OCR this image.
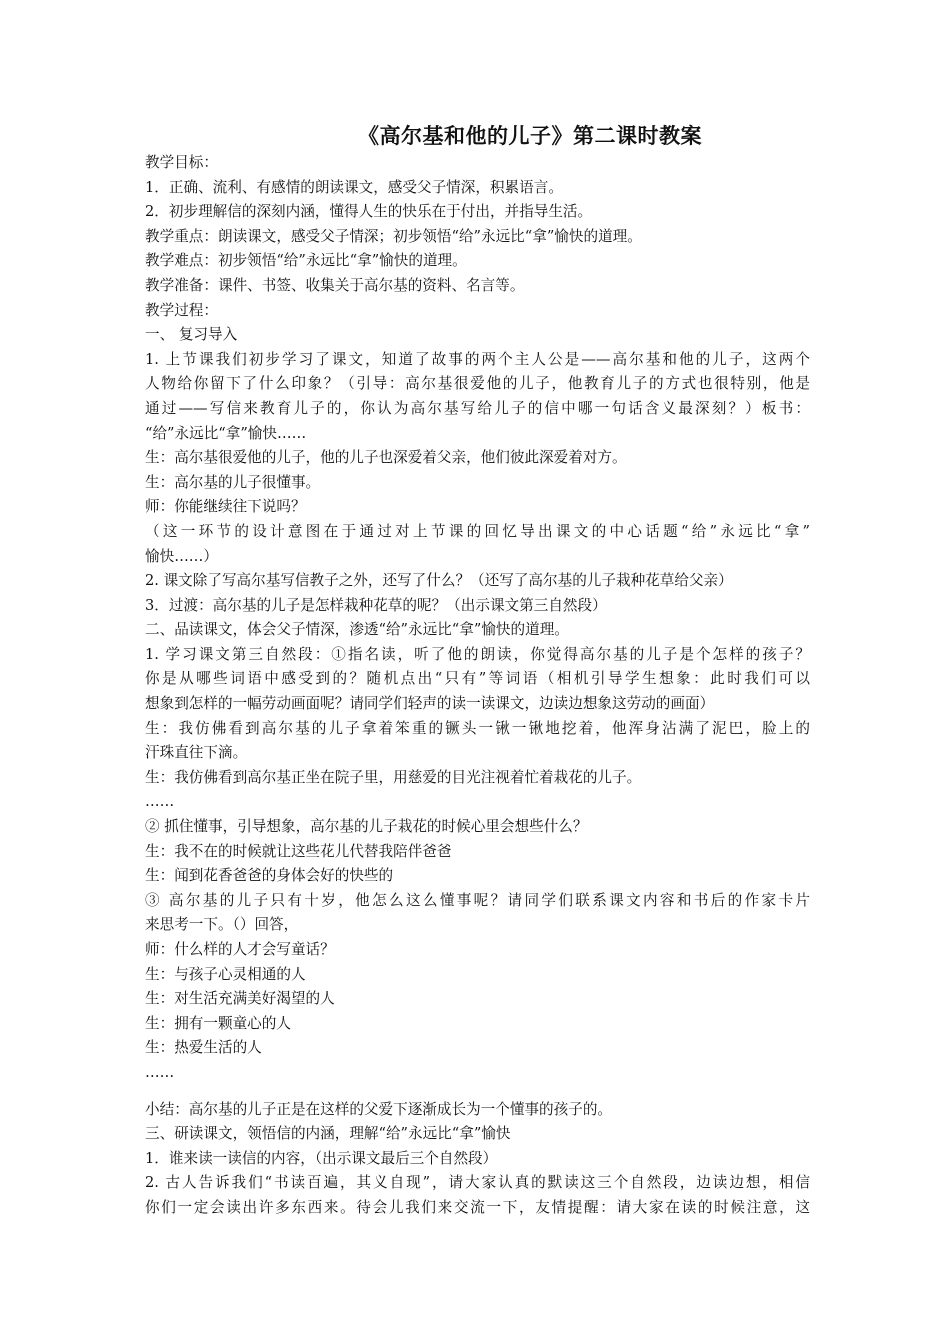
《高尔基和他的儿子》第二课时教案
教学目标：
1．正确、流利、有感情的朗读课文，感受父子情深，积累语言。
2．初步理解信的深刻内涵，懂得人生的快乐在于付出，并指导生活。
教学重点：朗读课文，感受父子情深；初步领悟“给”永远比“拿”愉快的道理。
教学难点：初步领悟“给”永远比“拿”愉快的道理。
教学准备：课件、书签、收集关于高尔基的资料、名言等。
教学过程：
一、 复习导入
1. 上节课我们初步学习了课文，知道了故事的两个主人公是——高尔基和他的儿子，这两个
人物给你留下了什么印象？（引导：高尔基很爱他的儿子，他教育儿子的方式也很特别，他是
通过——写信来教育儿子的，你认为高尔基写给儿子的信中哪一句话含义最深刻？）板书：
“给”永远比“拿”愉快……
生：高尔基很爱他的儿子，他的儿子也深爱着父亲，他们彼此深爱着对方。
生：高尔基的儿子很懂事。
师：你能继续往下说吗？
（这一环节的设计意图在于通过对上节课的回忆导出课文的中心话题“给”永远比“拿”
愉快……）
2. 课文除了写高尔基写信教子之外，还写了什么？（还写了高尔基的儿子栽种花草给父亲）
3．过渡：高尔基的儿子是怎样栽种花草的呢？（出示课文第三自然段）
二、品读课文，体会父子情深，渗透“给”永远比“拿”愉快的道理。
1. 学习课文第三自然段：①指名读，听了他的朗读，你觉得高尔基的儿子是个怎样的孩子？
你是从哪些词语中感受到的？随机点出“只有”等词语（相机引导学生想象：此时我们可以
想象到怎样的一幅劳动画面呢？请同学们轻声的读一读课文，边读边想象这劳动的画面）
生：我仿佛看到高尔基的儿子拿着笨重的镢头一锹一锹地挖着，他浑身沾满了泥巴，脸上的
汗珠直往下滴。
生：我仿佛看到高尔基正坐在院子里，用慈爱的目光注视着忙着栽花的儿子。
……
② 抓住懂事，引导想象，高尔基的儿子栽花的时候心里会想些什么？
生：我不在的时候就让这些花儿代替我陪伴爸爸
生：闻到花香爸爸的身体会好的快些的
③ 高尔基的儿子只有十岁，他怎么这么懂事呢？请同学们联系课文内容和书后的作家卡片
来思考一下。（）回答，
师：什么样的人才会写童话？
生：与孩子心灵相通的人
生：对生活充满美好渴望的人
生：拥有一颗童心的人
生：热爱生活的人
……
小结：高尔基的儿子正是在这样的父爱下逐渐成长为一个懂事的孩子的。
三、研读课文，领悟信的内涵，理解“给”永远比“拿”愉快
1．谁来读一读信的内容，（出示课文最后三个自然段）
2. 古人告诉我们“书读百遍，其义自现”，请大家认真的默读这三个自然段，边读边想，相信
你们一定会读出许多东西来。待会儿我们来交流一下，友情提醒：请大家在读的时候注意，这
